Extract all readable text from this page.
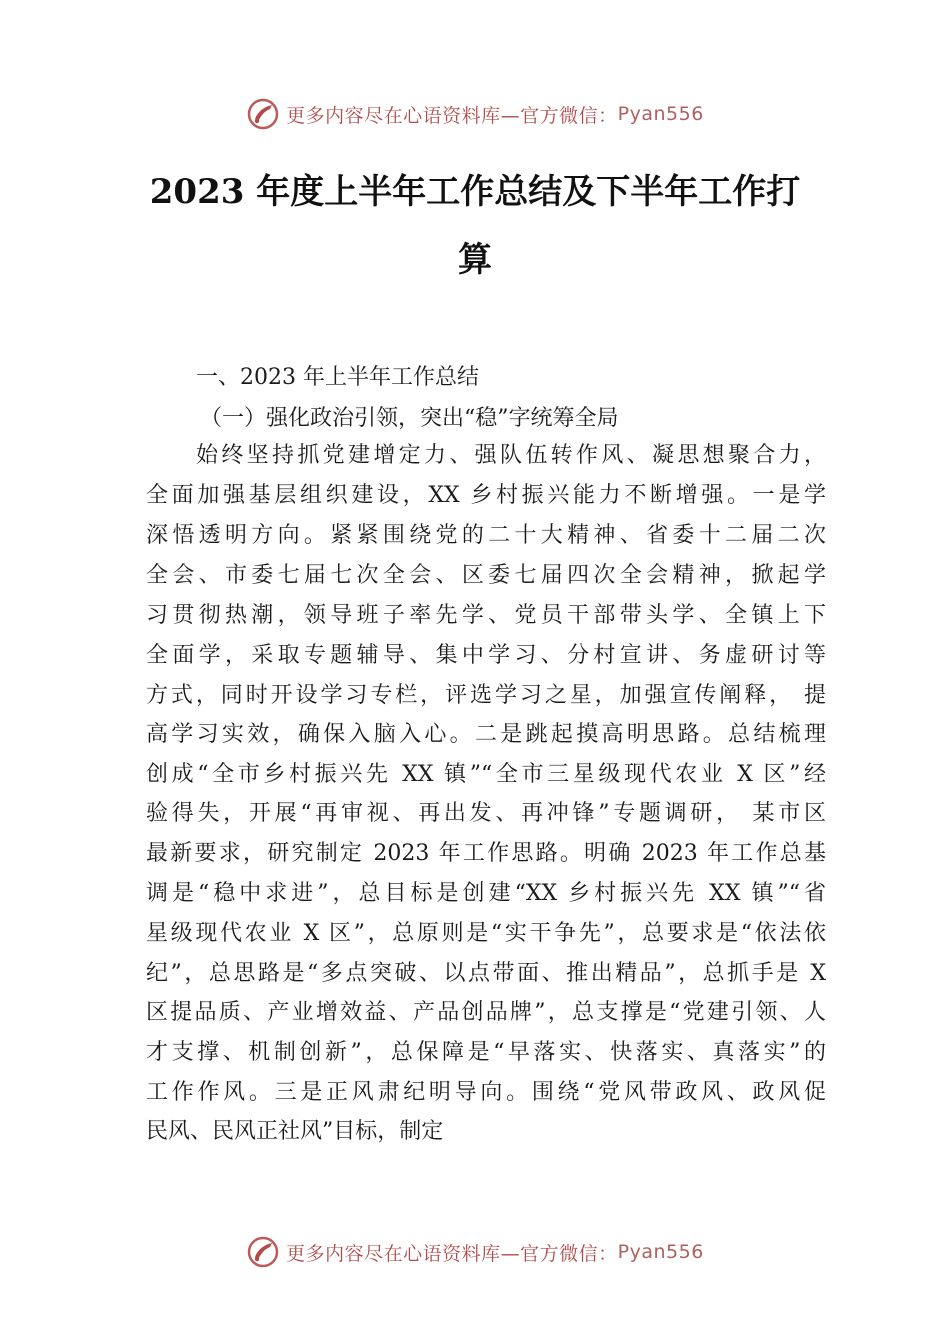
更多内容尽在心语资料库—官方微信： Pyan556
2023 年度上半年工作总结及下半年工作打
算
一、2023 年上半年工作总结
（一）强化政治引领，突出“稳”字统筹全局
始终坚持抓党建增定力、强队伍转作风、凝思想聚合力，
全面加强基层组织建设，XX 乡村振兴能力不断增强。一是学
深悟透明方向。紧紧围绕党的二十大精神、省委十二届二次
全会、市委七届七次全会、区委七届四次全会精神，掀起学
习贯彻热潮，领导班子率先学、党员干部带头学、全镇上下
全面学，采取专题辅导、集中学习、分村宣讲、务虚研讨等
方式，同时开设学习专栏，评选学习之星，加强宣传阐释， 提
高学习实效，确保入脑入心。二是跳起摸高明思路。总结梳理
创成“全市乡村振兴先 XX 镇”“全市三星级现代农业 X 区”经
验得失，开展“再审视、再出发、再冲锋”专题调研， 某市区
最新要求，研究制定 2023 年工作思路。明确 2023 年工作总基
调是“稳中求进”，总目标是创建“XX 乡村振兴先 XX 镇”“省
星级现代农业 X 区”，总原则是“实干争先”，总要求是“依法依
纪”，总思路是“多点突破、以点带面、推出精品”，总抓手是 X
区提品质、产业增效益、产品创品牌”，总支撑是“党建引领、人
才支撑、机制创新”，总保障是“早落实、快落实、真落实”的
工作作风。三是正风肃纪明导向。围绕“党风带政风、政风促
民风、民风正社风”目标，制定
更多内容尽在心语资料库—官方微信： Pyan556
